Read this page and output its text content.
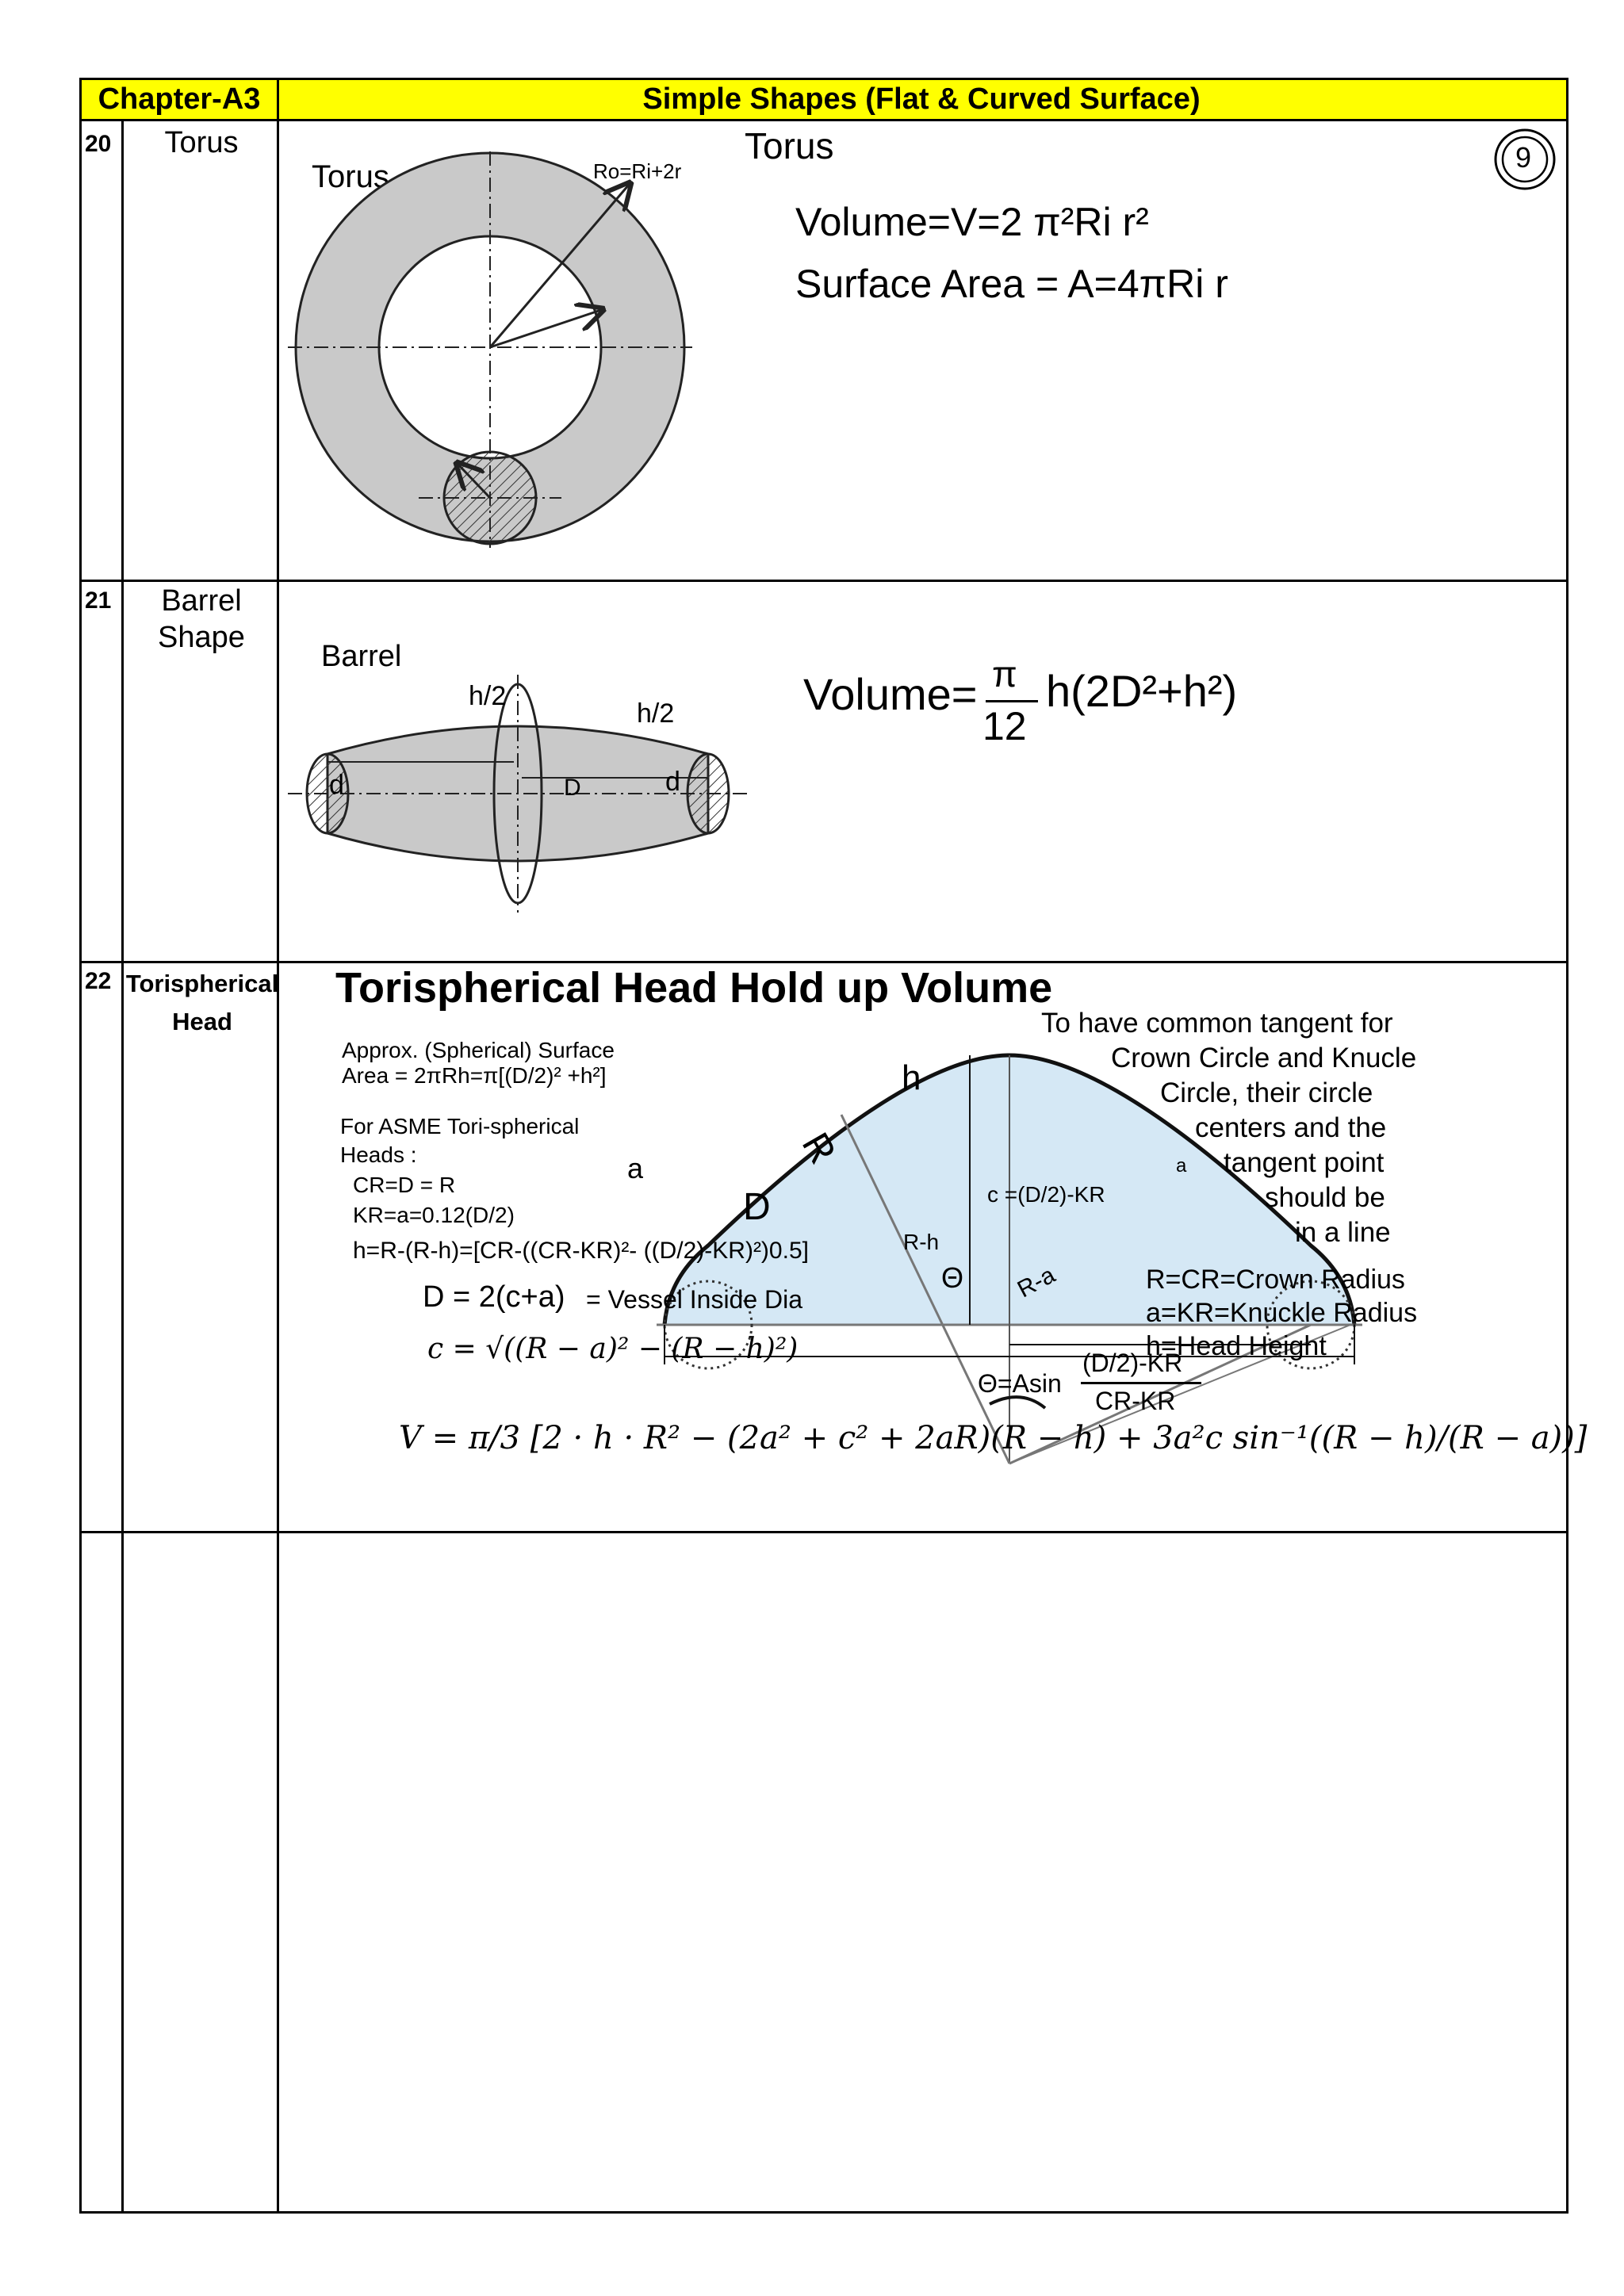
Chapter-A3	Simple Shapes (Flat & Curved Surface)
20	Torus	Torus	9
Torus	Ro=Ri+2r
Volume=V=2 π²Ri r²
Surface Area = A=4πRi r
21	Barrel
Shape
Barrel
h/2
h/2
d	D	d
Volume= π
12
h(2D²+h²)
22 Torispherical
Head
Torispherical Head Hold up Volume
To have common tangent for
Crown Circle and Knucle
Circle, their circle
centers and the
tangent point
should be
in a line
Approx. (Spherical) Surface
Area = 2πRh=π[(D/2)² +h²]
For ASME Tori-spherical
Heads :
CR=D = R
KR=a=0.12(D/2)
h=R-(R-h)=[CR-((CR-KR)²- ((D/2)-KR)²)0.5]
D = 2(c+a) = Vessel Inside Dia
c = √((R − a)² − (R − h)²)
Θ=Asin
(D/2)-KR
CR-KR
V = π/3 [2 · h · R² − (2a² + c² + 2aR)(R − h) + 3a²c sin⁻¹((R − h)/(R − a))]
R=CR=Crown Radius
a=KR=Knuckle Radius
h=Head Height
h
R
D
a	a
c =(D/2)-KR
R-h
Θ R-a
